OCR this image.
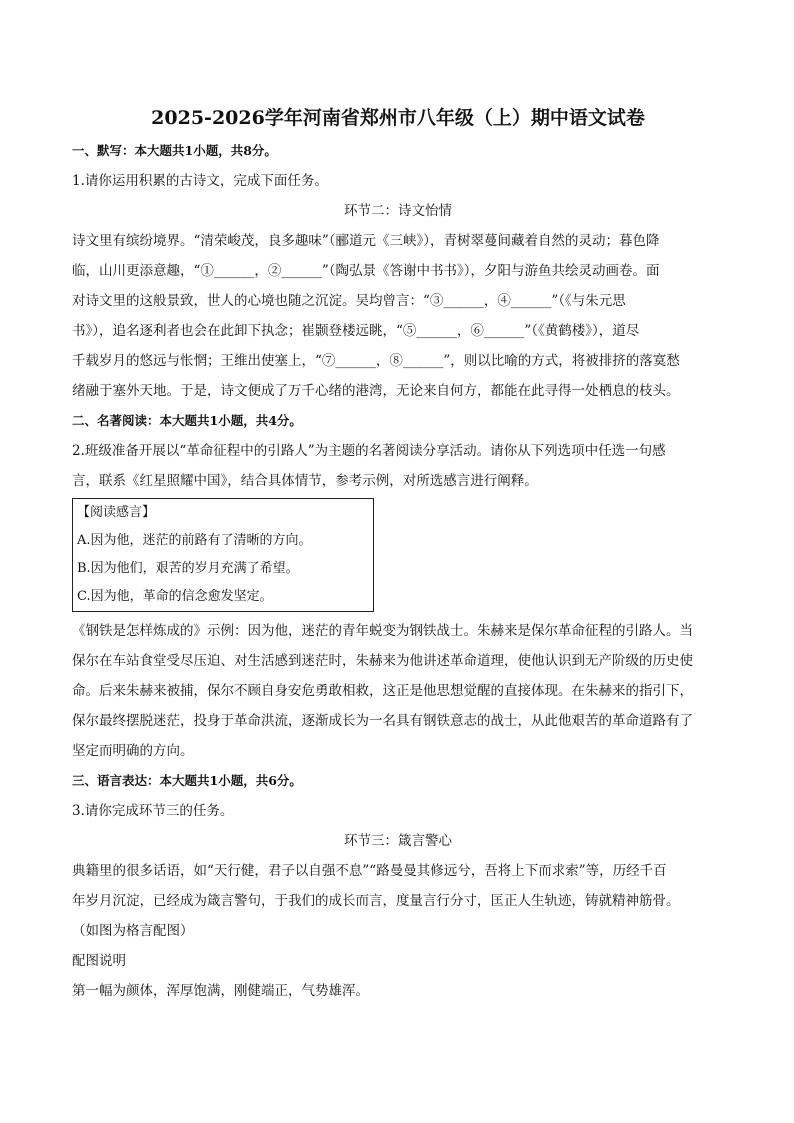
2025-2026学年河南省郑州市八年级（上）期中语文试卷

一、默写：本大题共1小题，共8分。

1.请你运用积累的古诗文，完成下面任务。

环节二：诗文怡情

诗文里有缤纷境界。“清荣峻茂，良多趣味”（郦道元《三峡》），青树翠蔓间藏着自然的灵动；暮色降

临，山川更添意趣，“①______，②______”（陶弘景《答谢中书书》），夕阳与游鱼共绘灵动画卷。面

对诗文里的这般景致，世人的心境也随之沉淀。吴均曾言：“③______，④______”（《与朱元思

书》），追名逐利者也会在此卸下执念；崔颢登楼远眺，“⑤______，⑥______”（《黄鹤楼》），道尽

千载岁月的悠远与怅惘；王维出使塞上，“⑦______，⑧______”，则以比喻的方式，将被排挤的落寞愁

绪融于塞外天地。于是，诗文便成了万千心绪的港湾，无论来自何方，都能在此寻得一处栖息的枝头。

二、名著阅读：本大题共1小题，共4分。

2.班级准备开展以“革命征程中的引路人”为主题的名著阅读分享活动。请你从下列选项中任选一句感

言，联系《红星照耀中国》，结合具体情节，参考示例，对所选感言进行阐释。

【阅读感言】

A.因为他，迷茫的前路有了清晰的方向。

B.因为他们，艰苦的岁月充满了希望。

C.因为他，革命的信念愈发坚定。

《钢铁是怎样炼成的》示例：因为他，迷茫的青年蜕变为钢铁战士。朱赫来是保尔革命征程的引路人。当

保尔在车站食堂受尽压迫、对生活感到迷茫时，朱赫来为他讲述革命道理，使他认识到无产阶级的历史使

命。后来朱赫来被捕，保尔不顾自身安危勇敢相救，这正是他思想觉醒的直接体现。在朱赫来的指引下，

保尔最终摆脱迷茫，投身于革命洪流，逐渐成长为一名具有钢铁意志的战士，从此他艰苦的革命道路有了

坚定而明确的方向。

三、语言表达：本大题共1小题，共6分。

3.请你完成环节三的任务。

环节三：箴言警心

典籍里的很多话语，如“天行健，君子以自强不息”“路曼曼其修远兮，吾将上下而求索”等，历经千百

年岁月沉淀，已经成为箴言警句，于我们的成长而言，度量言行分寸，匡正人生轨迹，铸就精神筋骨。

（如图为格言配图）

配图说明

第一幅为颜体，浑厚饱满，刚健端正，气势雄浑。
